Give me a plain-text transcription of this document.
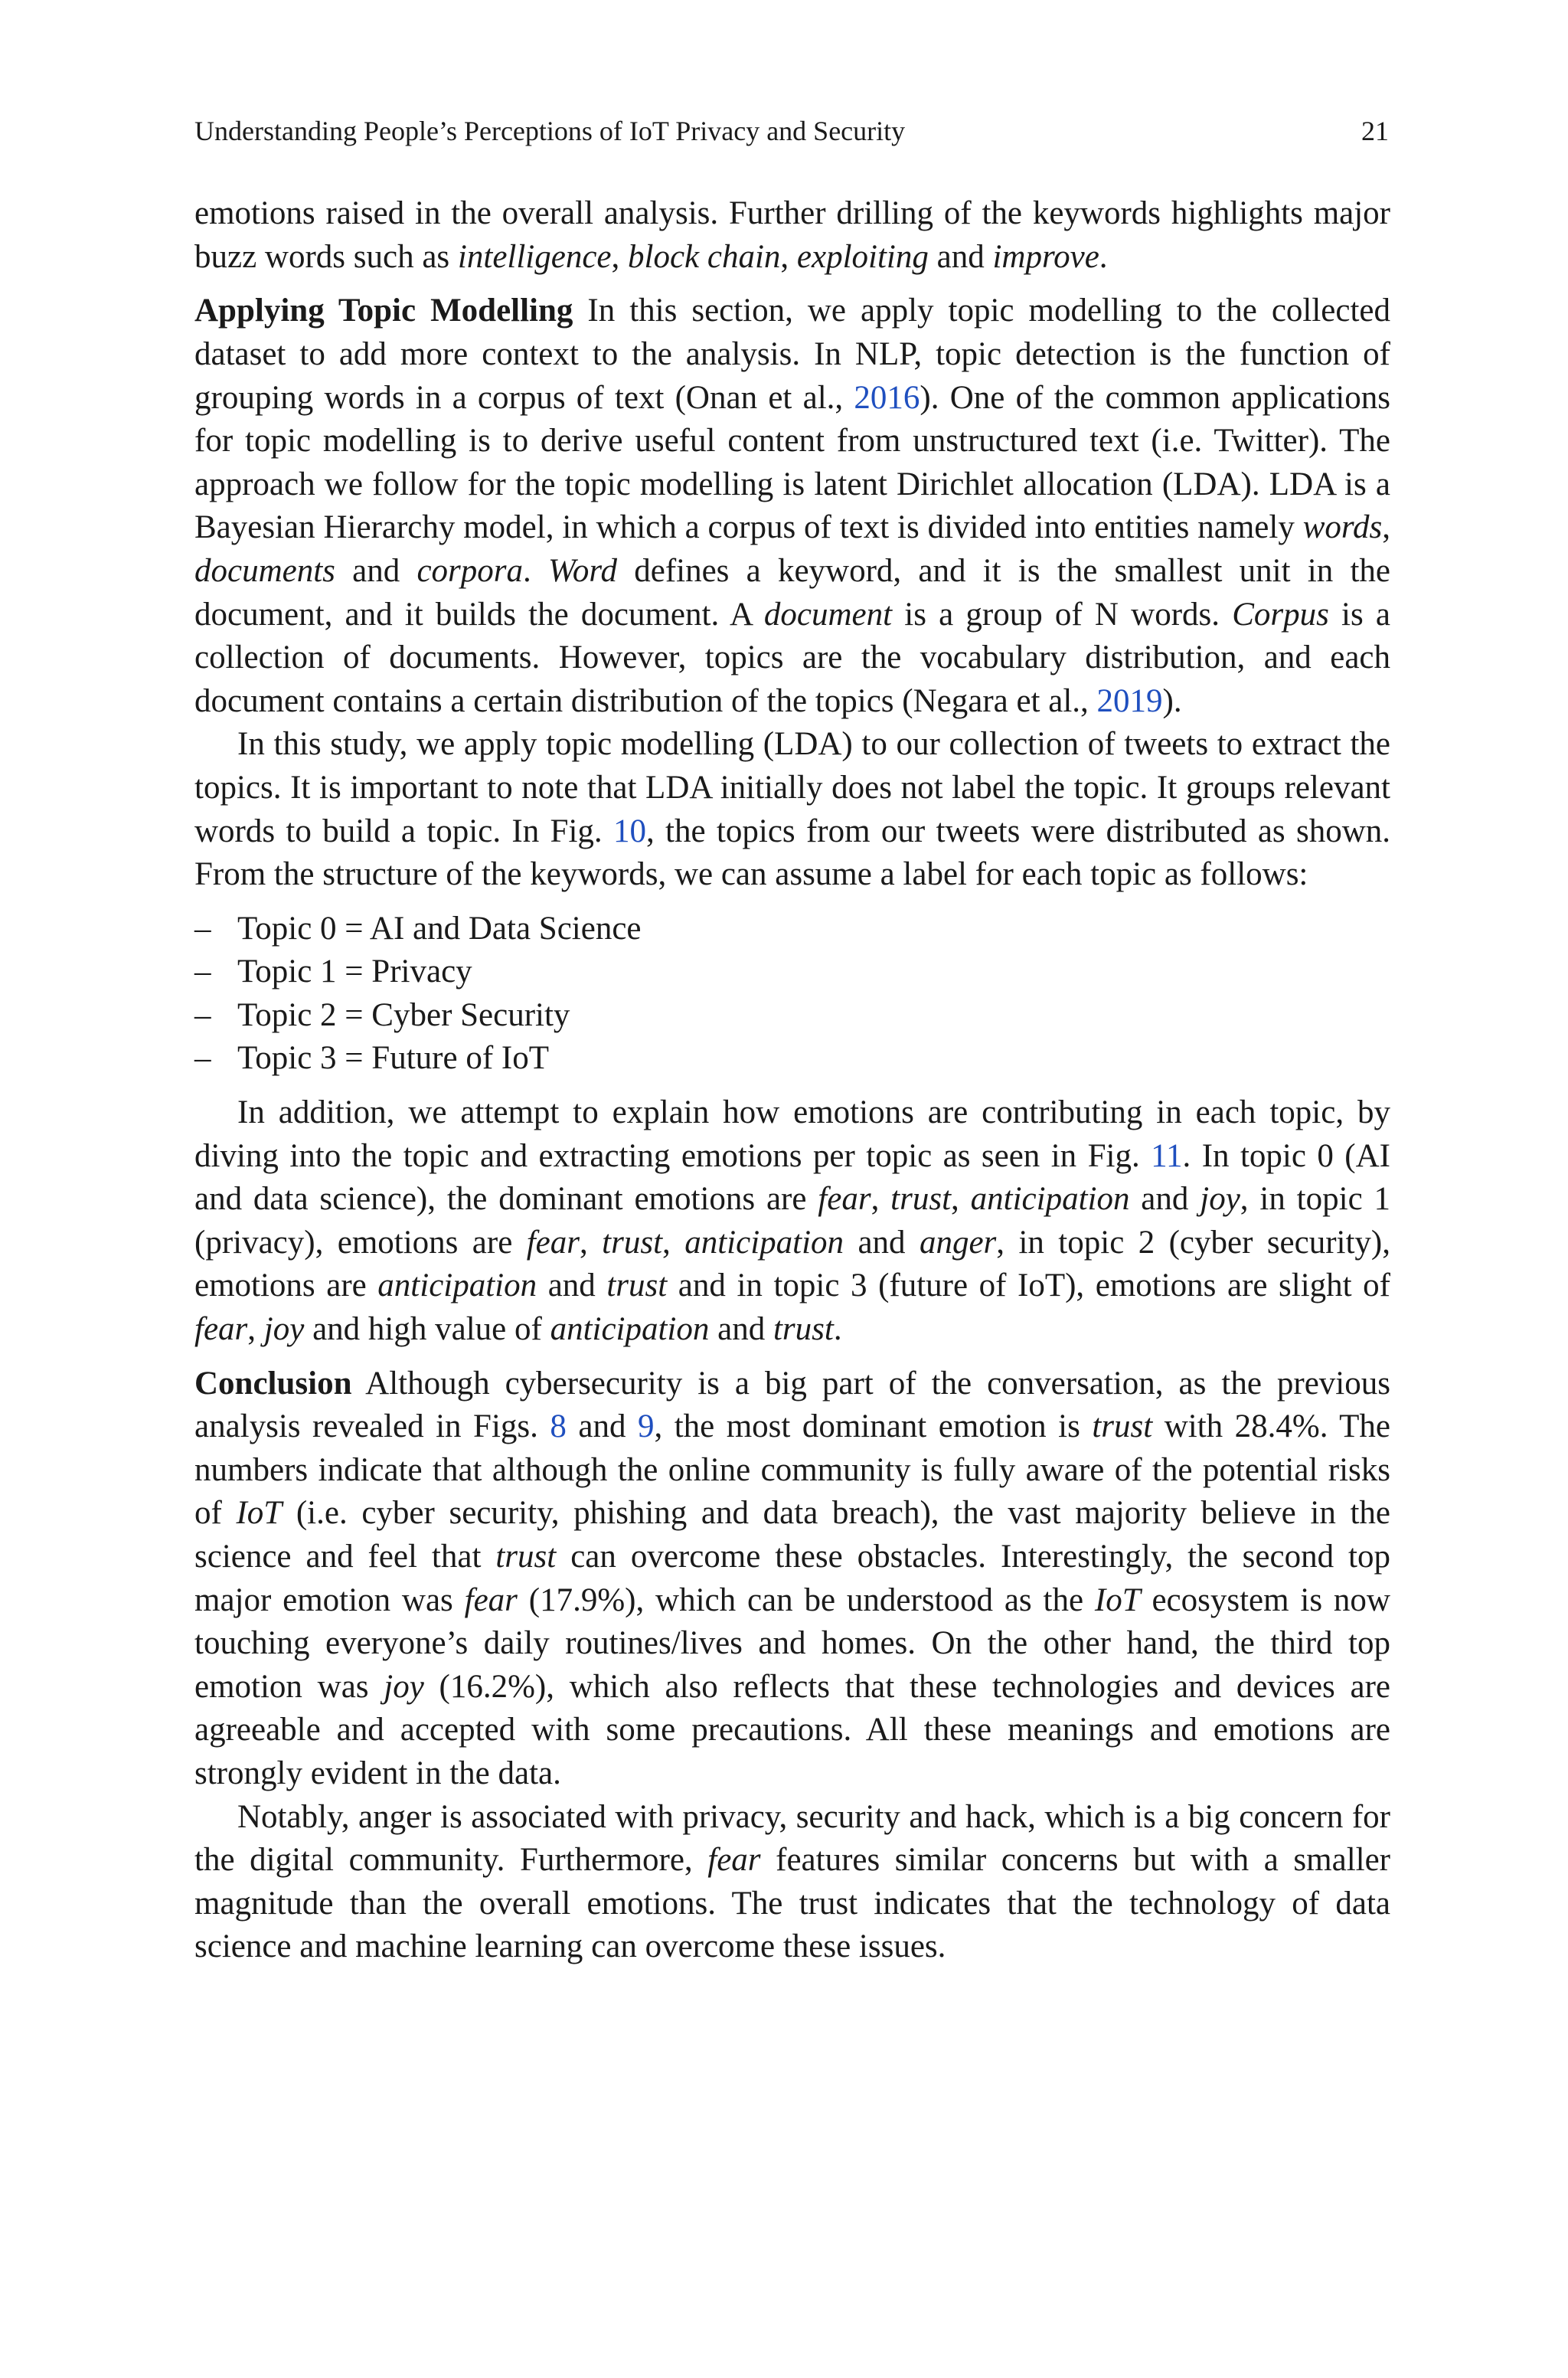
Understanding People’s Perceptions of IoT Privacy and Security	21

emotions raised in the overall analysis. Further drilling of the keywords highlights major buzz words such as intelligence, block chain, exploiting and improve.

Applying Topic Modelling In this section, we apply topic modelling to the collected dataset to add more context to the analysis. In NLP, topic detection is the function of grouping words in a corpus of text (Onan et al., 2016). One of the common applications for topic modelling is to derive useful content from unstructured text (i.e. Twitter). The approach we follow for the topic modelling is latent Dirichlet allocation (LDA). LDA is a Bayesian Hierarchy model, in which a corpus of text is divided into entities namely words, documents and corpora. Word defines a keyword, and it is the smallest unit in the document, and it builds the document. A document is a group of N words. Corpus is a collection of documents. However, topics are the vocabulary distribution, and each document contains a certain distribution of the topics (Negara et al., 2019).

In this study, we apply topic modelling (LDA) to our collection of tweets to extract the topics. It is important to note that LDA initially does not label the topic. It groups relevant words to build a topic. In Fig. 10, the topics from our tweets were distributed as shown. From the structure of the keywords, we can assume a label for each topic as follows:

– Topic 0 = AI and Data Science
– Topic 1 = Privacy
– Topic 2 = Cyber Security
– Topic 3 = Future of IoT

In addition, we attempt to explain how emotions are contributing in each topic, by diving into the topic and extracting emotions per topic as seen in Fig. 11. In topic 0 (AI and data science), the dominant emotions are fear, trust, anticipation and joy, in topic 1 (privacy), emotions are fear, trust, anticipation and anger, in topic 2 (cyber security), emotions are anticipation and trust and in topic 3 (future of IoT), emotions are slight of fear, joy and high value of anticipation and trust.

Conclusion Although cybersecurity is a big part of the conversation, as the previous analysis revealed in Figs. 8 and 9, the most dominant emotion is trust with 28.4%. The numbers indicate that although the online community is fully aware of the potential risks of IoT (i.e. cyber security, phishing and data breach), the vast majority believe in the science and feel that trust can overcome these obstacles. Interestingly, the second top major emotion was fear (17.9%), which can be understood as the IoT ecosystem is now touching everyone’s daily routines/lives and homes. On the other hand, the third top emotion was joy (16.2%), which also reflects that these technologies and devices are agreeable and accepted with some precautions. All these meanings and emotions are strongly evident in the data.

Notably, anger is associated with privacy, security and hack, which is a big concern for the digital community. Furthermore, fear features similar concerns but with a smaller magnitude than the overall emotions. The trust indicates that the technology of data science and machine learning can overcome these issues.
